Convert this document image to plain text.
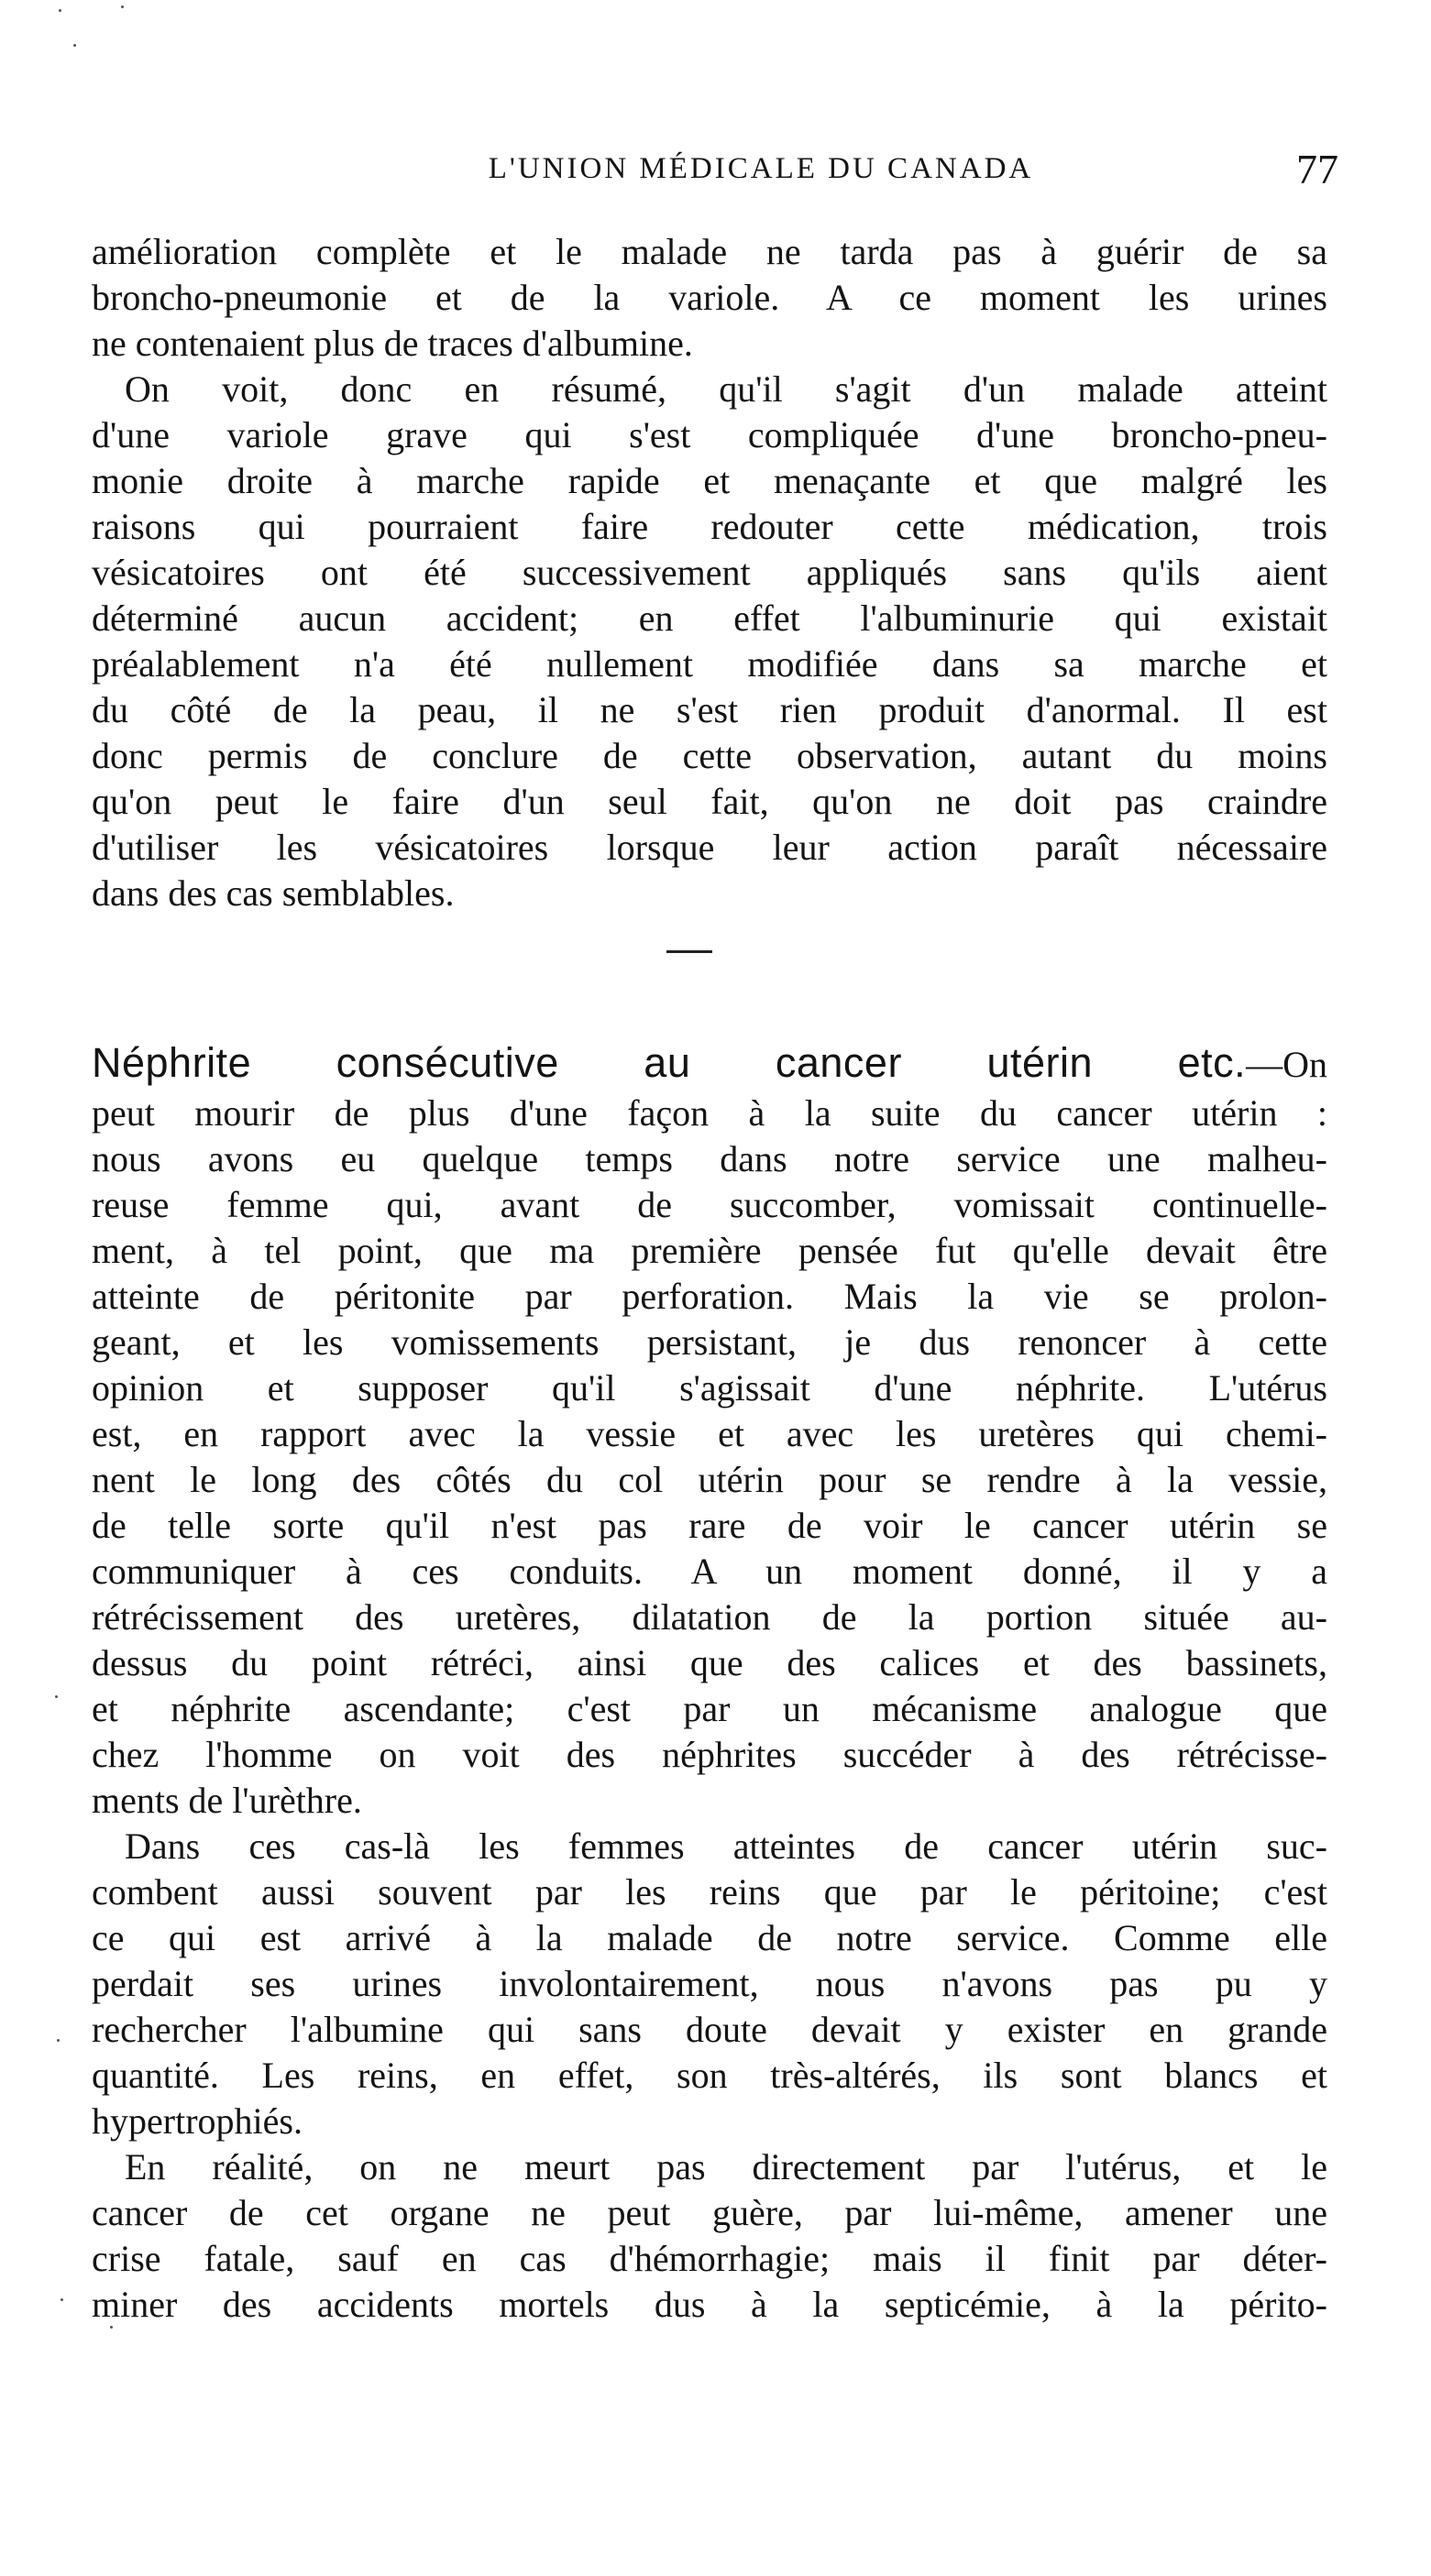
L'UNION MÉDICALE DU CANADA	77
amélioration complète et le malade ne tarda pas à guérir de sa
broncho-pneumonie et de la variole. A ce moment les urines
ne contenaient plus de traces d'albumine.
On voit, donc en résumé, qu'il s'agit d'un malade atteint
d'une variole grave qui s'est compliquée d'une broncho-pneu-
monie droite à marche rapide et menaçante et que malgré les
raisons qui pourraient faire redouter cette médication, trois
vésicatoires ont été successivement appliqués sans qu'ils aient
déterminé aucun accident; en effet l'albuminurie qui existait
préalablement n'a été nullement modifiée dans sa marche et
du côté de la peau, il ne s'est rien produit d'anormal. Il est
donc permis de conclure de cette observation, autant du moins
qu'on peut le faire d'un seul fait, qu'on ne doit pas craindre
d'utiliser les vésicatoires lorsque leur action paraît nécessaire
dans des cas semblables.
Néphrite consécutive au cancer utérin etc.—On
peut mourir de plus d'une façon à la suite du cancer utérin :
nous avons eu quelque temps dans notre service une malheu-
reuse femme qui, avant de succomber, vomissait continuelle-
ment, à tel point, que ma première pensée fut qu'elle devait être
atteinte de péritonite par perforation. Mais la vie se prolon-
geant, et les vomissements persistant, je dus renoncer à cette
opinion et supposer qu'il s'agissait d'une néphrite. L'utérus
est, en rapport avec la vessie et avec les uretères qui chemi-
nent le long des côtés du col utérin pour se rendre à la vessie,
de telle sorte qu'il n'est pas rare de voir le cancer utérin se
communiquer à ces conduits. A un moment donné, il y a
rétrécissement des uretères, dilatation de la portion située au-
dessus du point rétréci, ainsi que des calices et des bassinets,
et néphrite ascendante; c'est par un mécanisme analogue que
chez l'homme on voit des néphrites succéder à des rétrécisse-
ments de l'urèthre.
Dans ces cas-là les femmes atteintes de cancer utérin suc-
combent aussi souvent par les reins que par le péritoine; c'est
ce qui est arrivé à la malade de notre service. Comme elle
perdait ses urines involontairement, nous n'avons pas pu y
rechercher l'albumine qui sans doute devait y exister en grande
quantité. Les reins, en effet, son très-altérés, ils sont blancs et
hypertrophiés.
En réalité, on ne meurt pas directement par l'utérus, et le
cancer de cet organe ne peut guère, par lui-même, amener une
crise fatale, sauf en cas d'hémorrhagie; mais il finit par déter-
miner des accidents mortels dus à la septicémie, à la périto-
